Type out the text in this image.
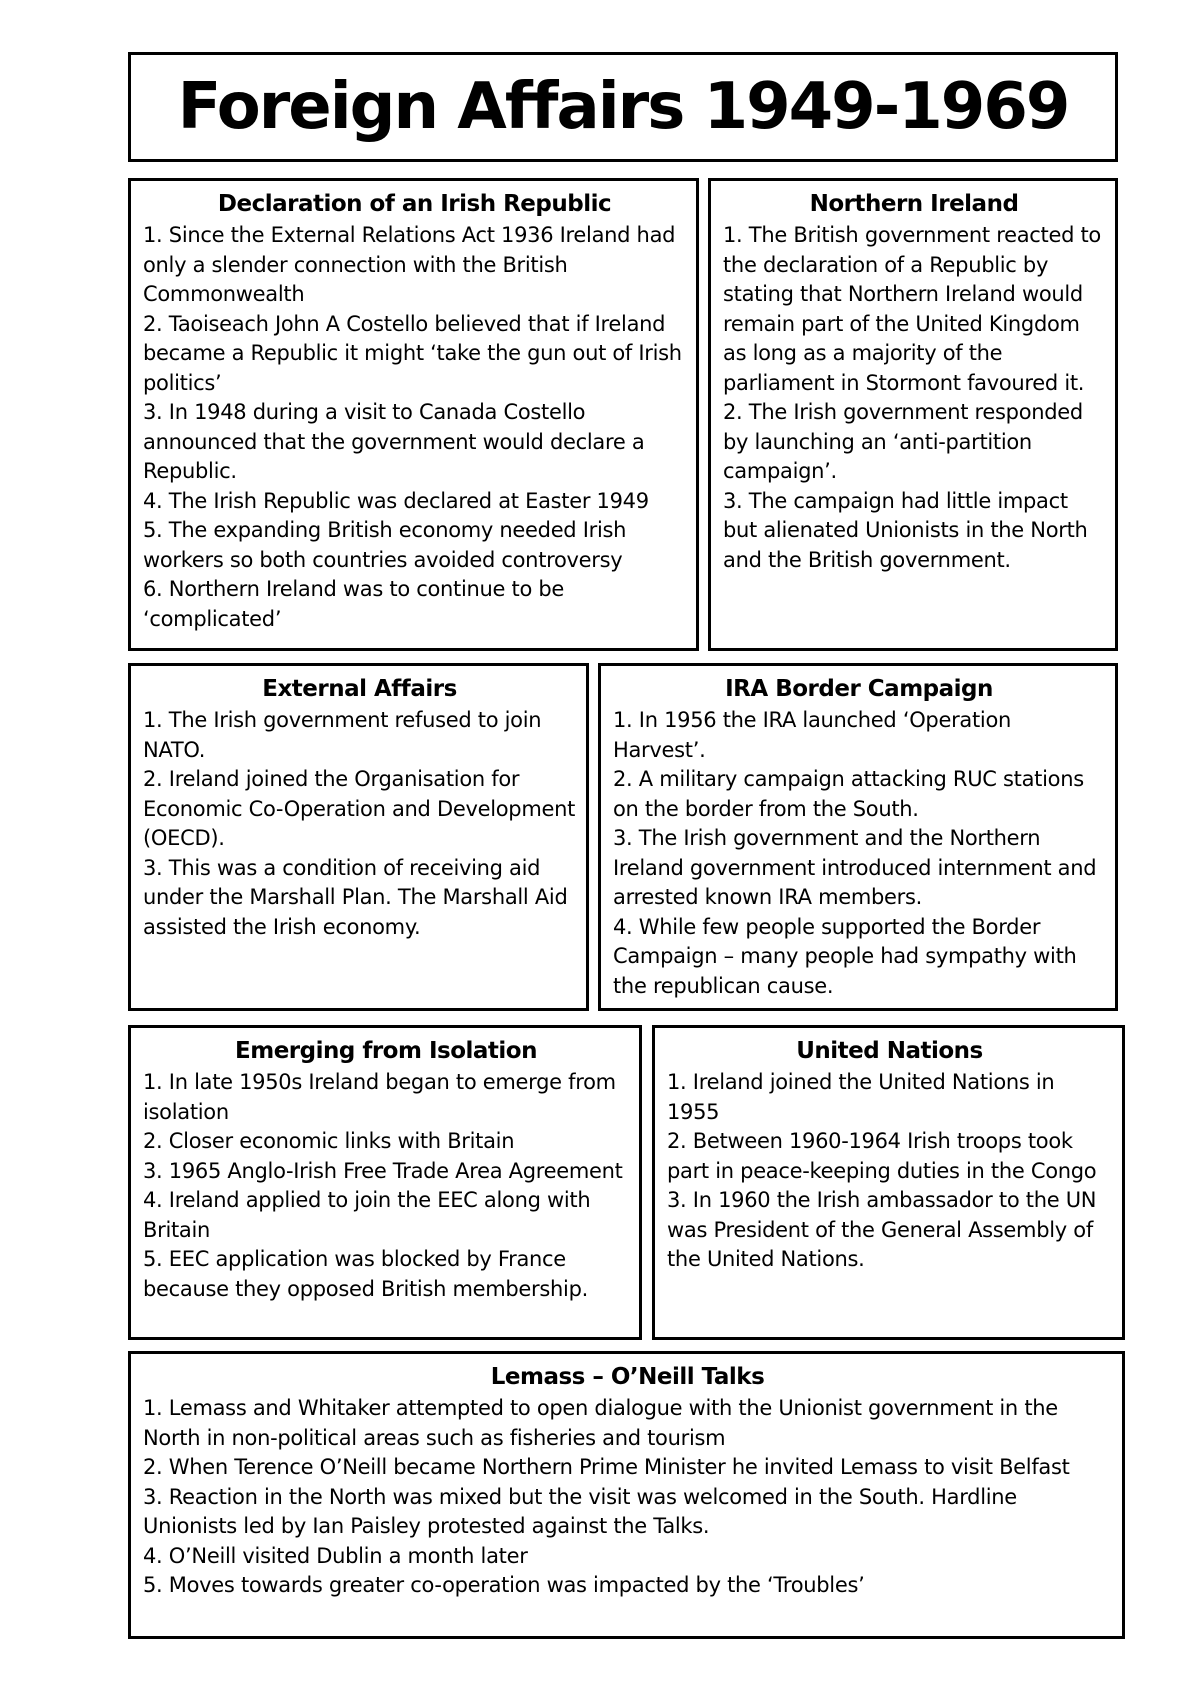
Foreign Affairs 1949-1969
Declaration of an Irish Republic
1. Since the External Relations Act 1936 Ireland had only a slender connection with the British Commonwealth
2. Taoiseach John A Costello believed that if Ireland became a Republic it might ‘take the gun out of Irish politics’
3. In 1948 during a visit to Canada Costello announced that the government would declare a Republic.
4. The Irish Republic was declared at Easter 1949
5. The expanding British economy needed Irish workers so both countries avoided controversy
6. Northern Ireland was to continue to be ‘complicated’
Northern Ireland
1. The British government reacted to the declaration of a Republic by stating that Northern Ireland would remain part of the United Kingdom as long as a majority of the parliament in Stormont favoured it.
2. The Irish government responded by launching an ‘anti-partition campaign’.
3. The campaign had little impact but alienated Unionists in the North and the British government.
External Affairs
1. The Irish government refused to join NATO.
2. Ireland joined the Organisation for Economic Co-Operation and Development (OECD).
3. This was a condition of receiving aid under the Marshall Plan. The Marshall Aid assisted the Irish economy.
IRA Border Campaign
1. In 1956 the IRA launched ‘Operation Harvest’.
2. A military campaign attacking RUC stations on the border from the South.
3. The Irish government and the Northern Ireland government introduced internment and arrested known IRA members.
4. While few people supported the Border Campaign – many people had sympathy with the republican cause.
Emerging from Isolation
1. In late 1950s Ireland began to emerge from isolation
2. Closer economic links with Britain
3. 1965 Anglo-Irish Free Trade Area Agreement
4. Ireland applied to join the EEC along with Britain
5. EEC application was blocked by France because they opposed British membership.
United Nations
1. Ireland joined the United Nations in 1955
2. Between 1960-1964 Irish troops took part in peace-keeping duties in the Congo
3. In 1960 the Irish ambassador to the UN was President of the General Assembly of the United Nations.
Lemass – O’Neill Talks
1. Lemass and Whitaker attempted to open dialogue with the Unionist government in the North in non-political areas such as fisheries and tourism
2. When Terence O’Neill became Northern Prime Minister he invited Lemass to visit Belfast
3. Reaction in the North was mixed but the visit was welcomed in the South. Hardline Unionists led by Ian Paisley protested against the Talks.
4. O’Neill visited Dublin a month later
5. Moves towards greater co-operation was impacted by the ‘Troubles’
